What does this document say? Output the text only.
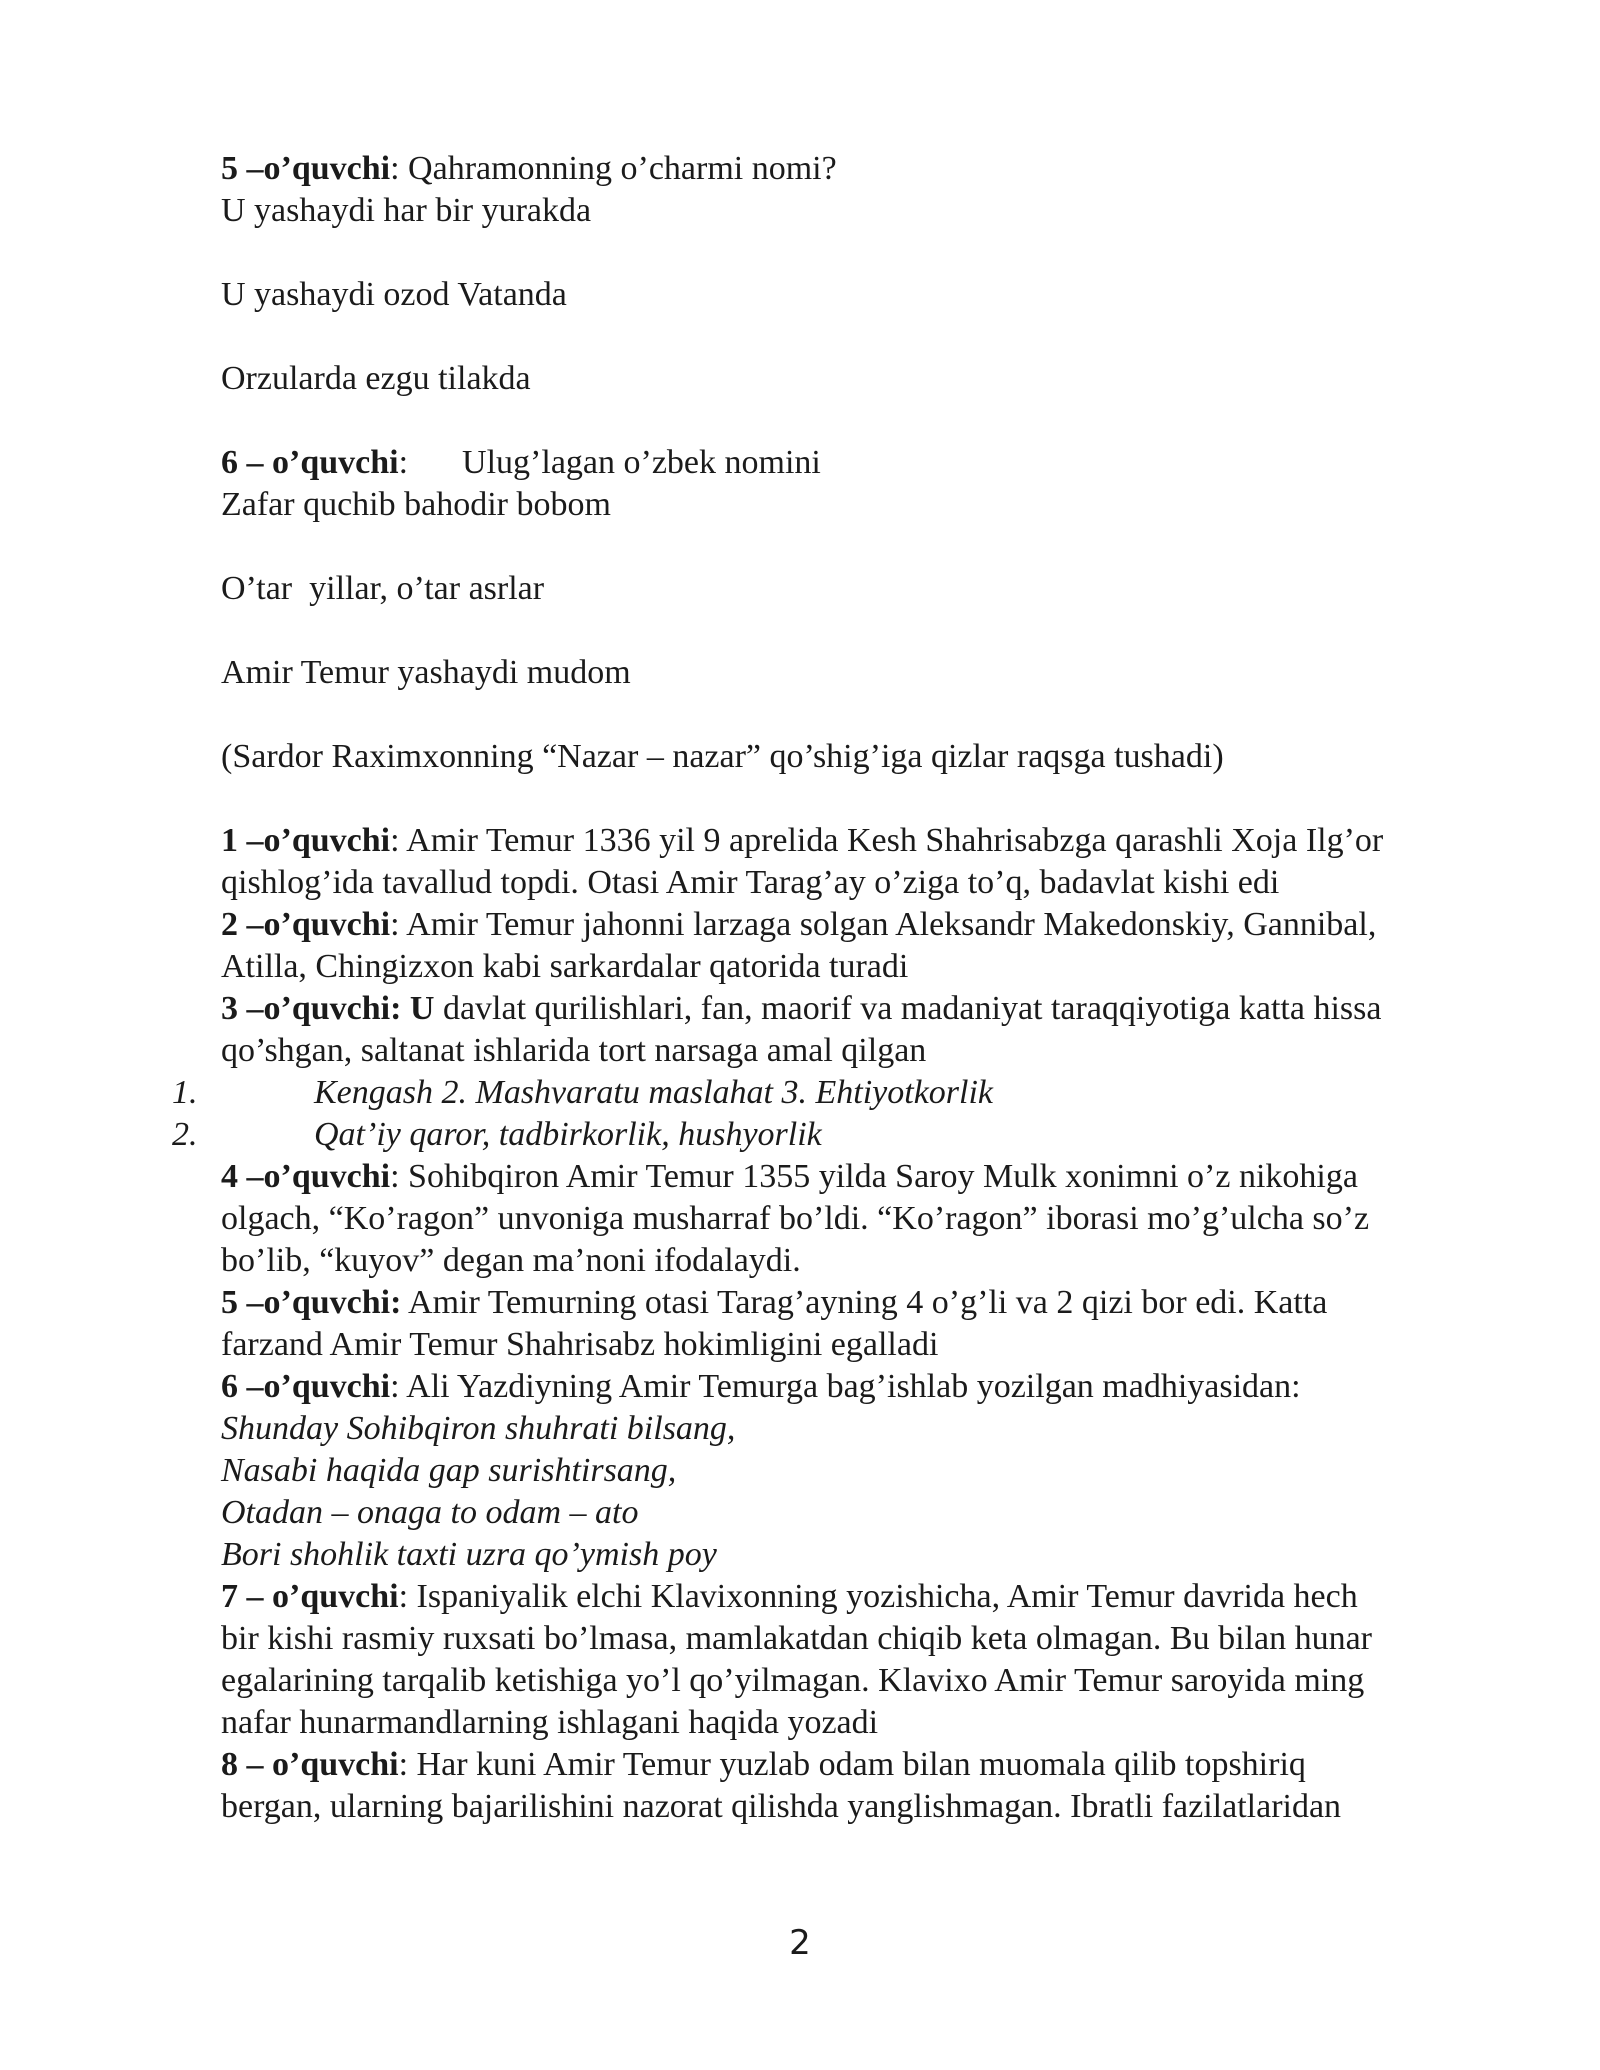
5 –o’quvchi: Qahramonning o’charmi nomi?
U yashaydi har bir yurakda
U yashaydi ozod Vatanda
Orzularda ezgu tilakda
6 – o’quvchi: Ulug’lagan o’zbek nomini
Zafar quchib bahodir bobom
O’tar  yillar, o’tar asrlar
Amir Temur yashaydi mudom
(Sardor Raximxonning “Nazar – nazar” qo’shig’iga qizlar raqsga tushadi)
1 –o’quvchi: Amir Temur 1336 yil 9 aprelida Kesh Shahrisabzga qarashli Xoja Ilg’or
qishlog’ida tavallud topdi. Otasi Amir Tarag’ay o’ziga to’q, badavlat kishi edi
2 –o’quvchi: Amir Temur jahonni larzaga solgan Aleksandr Makedonskiy, Gannibal,
Atilla, Chingizxon kabi sarkardalar qatorida turadi
3 –o’quvchi: U davlat qurilishlari, fan, maorif va madaniyat taraqqiyotiga katta hissa
qo’shgan, saltanat ishlarida tort narsaga amal qilgan
1.	Kengash 2. Mashvaratu maslahat 3. Ehtiyotkorlik
2.	Qat’iy qaror, tadbirkorlik, hushyorlik
4 –o’quvchi: Sohibqiron Amir Temur 1355 yilda Saroy Mulk xonimni o’z nikohiga
olgach, “Ko’ragon” unvoniga musharraf bo’ldi. “Ko’ragon” iborasi mo’g’ulcha so’z
bo’lib, “kuyov” degan ma’noni ifodalaydi.
5 –o’quvchi: Amir Temurning otasi Tarag’ayning 4 o’g’li va 2 qizi bor edi. Katta
farzand Amir Temur Shahrisabz hokimligini egalladi
6 –o’quvchi: Ali Yazdiyning Amir Temurga bag’ishlab yozilgan madhiyasidan:
Shunday Sohibqiron shuhrati bilsang,
Nasabi haqida gap surishtirsang,
Otadan – onaga to odam – ato
Bori shohlik taxti uzra qo’ymish poy
7 – o’quvchi: Ispaniyalik elchi Klavixonning yozishicha, Amir Temur davrida hech
bir kishi rasmiy ruxsati bo’lmasa, mamlakatdan chiqib keta olmagan. Bu bilan hunar
egalarining tarqalib ketishiga yo’l qo’yilmagan. Klavixo Amir Temur saroyida ming
nafar hunarmandlarning ishlagani haqida yozadi
8 – o’quvchi: Har kuni Amir Temur yuzlab odam bilan muomala qilib topshiriq
bergan, ularning bajarilishini nazorat qilishda yanglishmagan. Ibratli fazilatlaridan
2
